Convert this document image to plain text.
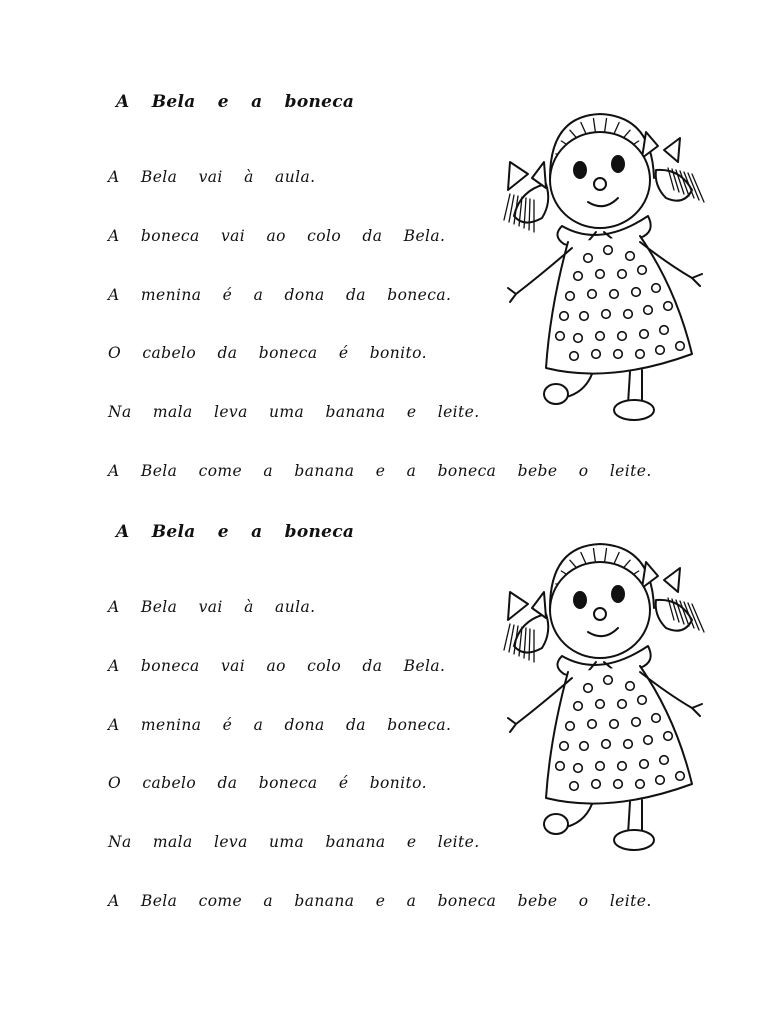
A Bela e a boneca

A Bela vai à aula.

A boneca vai ao colo da Bela.

A menina é a dona da boneca.

O cabelo da boneca é bonito.

Na mala leva uma banana e leite.

A Bela come a banana e a boneca bebe o leite.

A Bela e a boneca

A Bela vai à aula.

A boneca vai ao colo da Bela.

A menina é a dona da boneca.

O cabelo da boneca é bonito.

Na mala leva uma banana e leite.

A Bela come a banana e a boneca bebe o leite.
